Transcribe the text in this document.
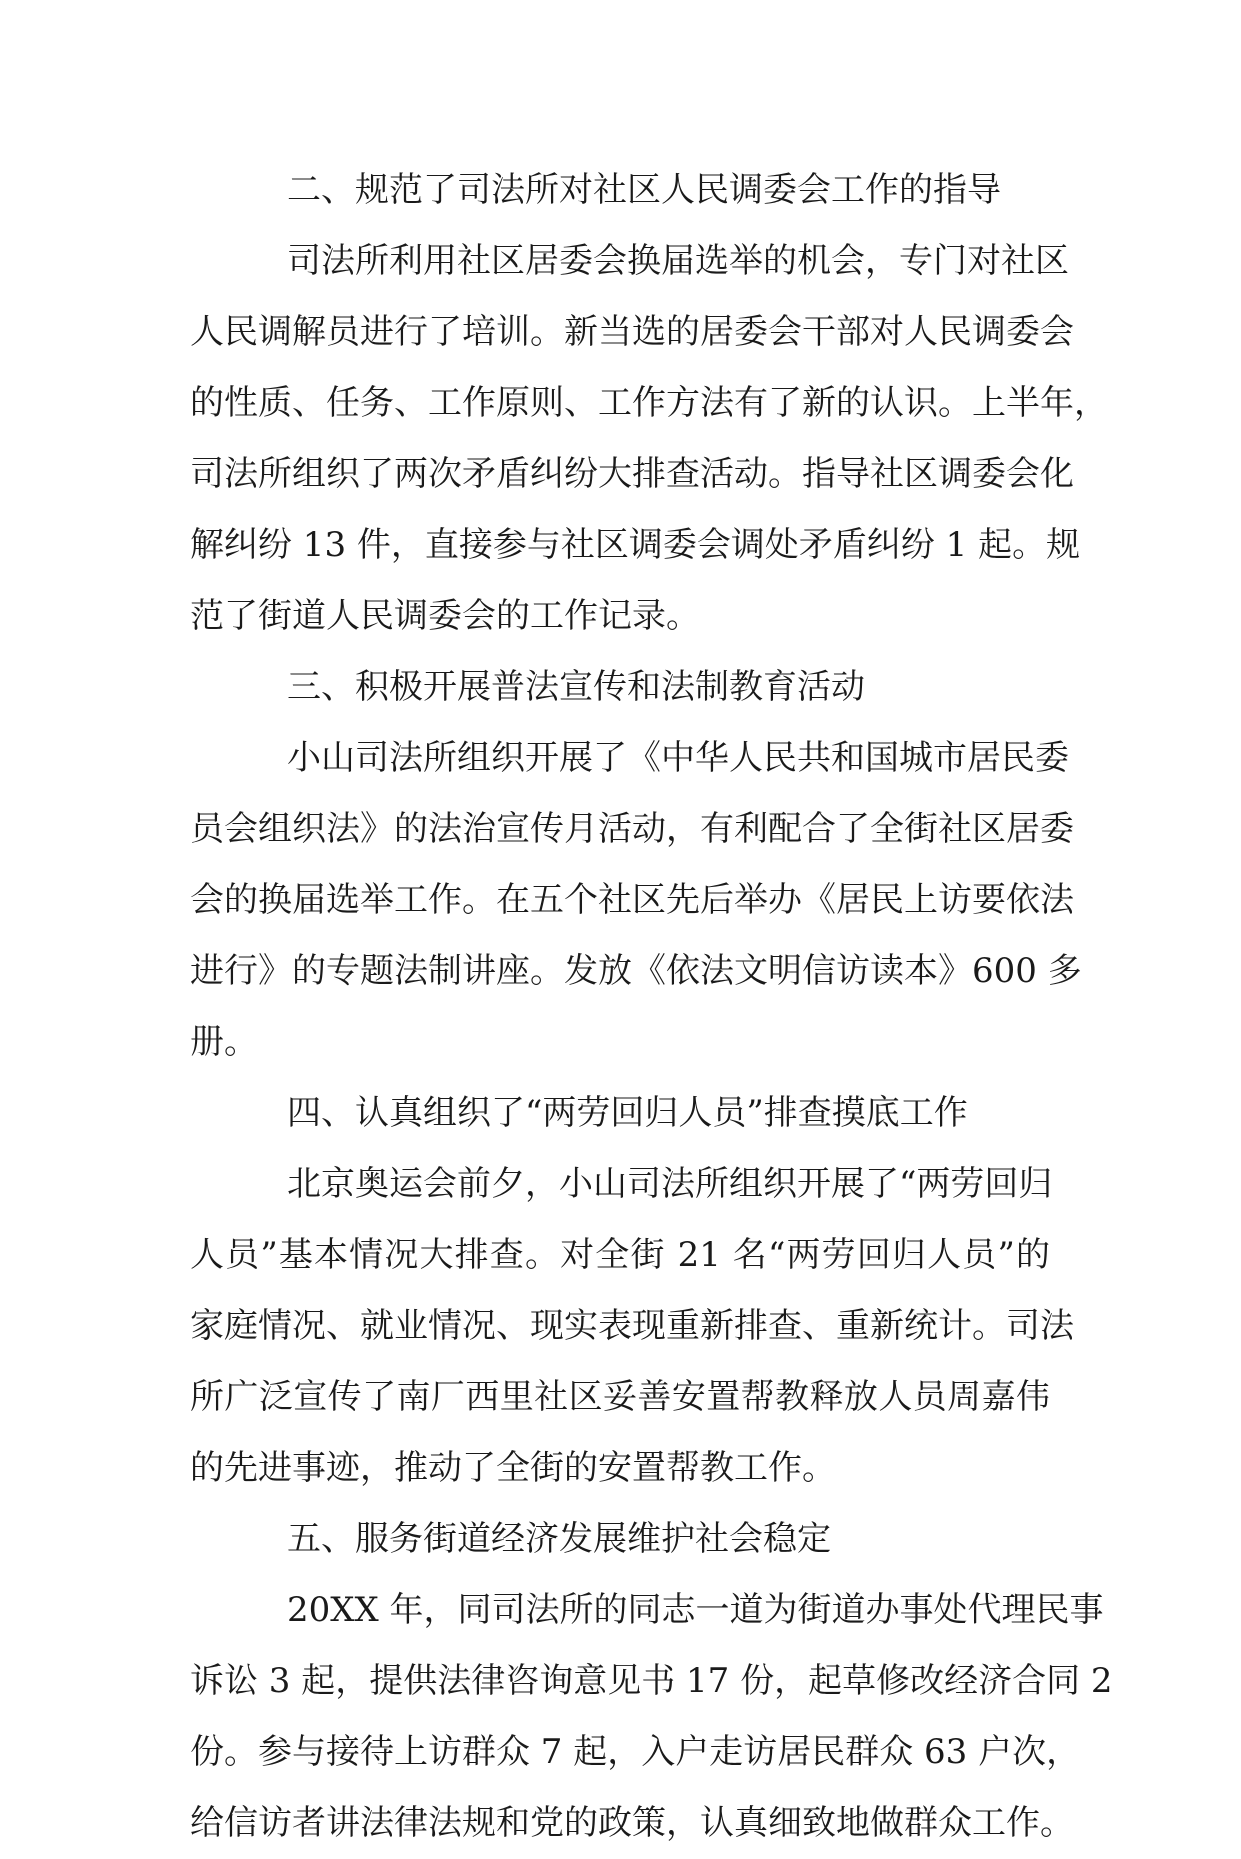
二、规范了司法所对社区人民调委会工作的指导
司法所利用社区居委会换届选举的机会，专门对社区
人民调解员进行了培训。新当选的居委会干部对人民调委会
的性质、任务、工作原则、工作方法有了新的认识。上半年，
司法所组织了两次矛盾纠纷大排查活动。指导社区调委会化
解纠纷 13 件，直接参与社区调委会调处矛盾纠纷 1 起。规
范了街道人民调委会的工作记录。
三、积极开展普法宣传和法制教育活动
小山司法所组织开展了《中华人民共和国城市居民委
员会组织法》的法治宣传月活动，有利配合了全街社区居委
会的换届选举工作。在五个社区先后举办《居民上访要依法
进行》的专题法制讲座。发放《依法文明信访读本》600 多
册。
四、认真组织了“两劳回归人员”排查摸底工作
北京奥运会前夕，小山司法所组织开展了“两劳回归
人员”基本情况大排查。对全街 21 名“两劳回归人员”的
家庭情况、就业情况、现实表现重新排查、重新统计。司法
所广泛宣传了南厂西里社区妥善安置帮教释放人员周嘉伟
的先进事迹，推动了全街的安置帮教工作。
五、服务街道经济发展维护社会稳定
20XX 年，同司法所的同志一道为街道办事处代理民事
诉讼 3 起，提供法律咨询意见书 17 份，起草修改经济合同 2
份。参与接待上访群众 7 起，入户走访居民群众 63 户次，
给信访者讲法律法规和党的政策，认真细致地做群众工作。
